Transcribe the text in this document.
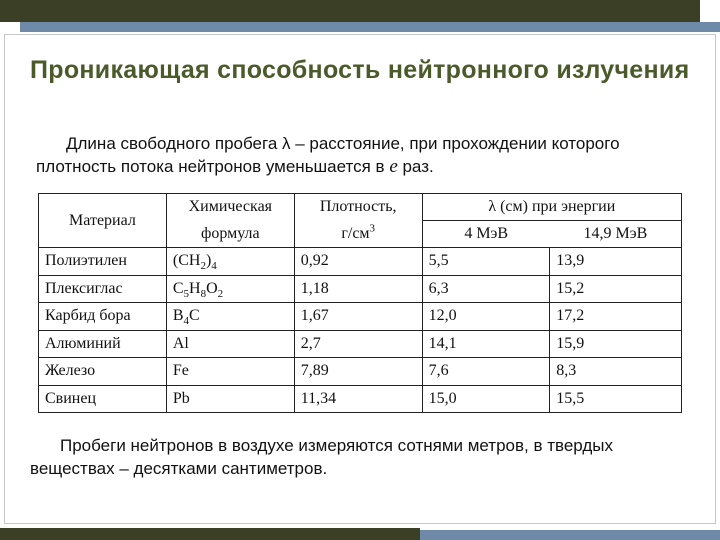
Проникающая способность нейтронного излучения

Длина свободного пробега λ – расстояние, при прохождении которого плотность потока нейтронов уменьшается в e раз.

Материал	Химическая	Плотность,	λ (см) при энергии	
	формула	$г/см^3$	4 МэВ	14,9 МэВ
Полиэтилен	$(CH_2)_4$	0,92	5,5	13,9
Плексиглас	$C_5H_8O_2$	1,18	6,3	15,2
Карбид бора	$B_4C$	1,67	12,0	17,2
Алюминий	Al	2,7	14,1	15,9
Железо	Fe	7,89	7,6	8,3
Свинец	Pb	11,34	15,0	15,5

Пробеги нейтронов в воздухе измеряются сотнями метров, в твердых веществах – десятками сантиметров.
